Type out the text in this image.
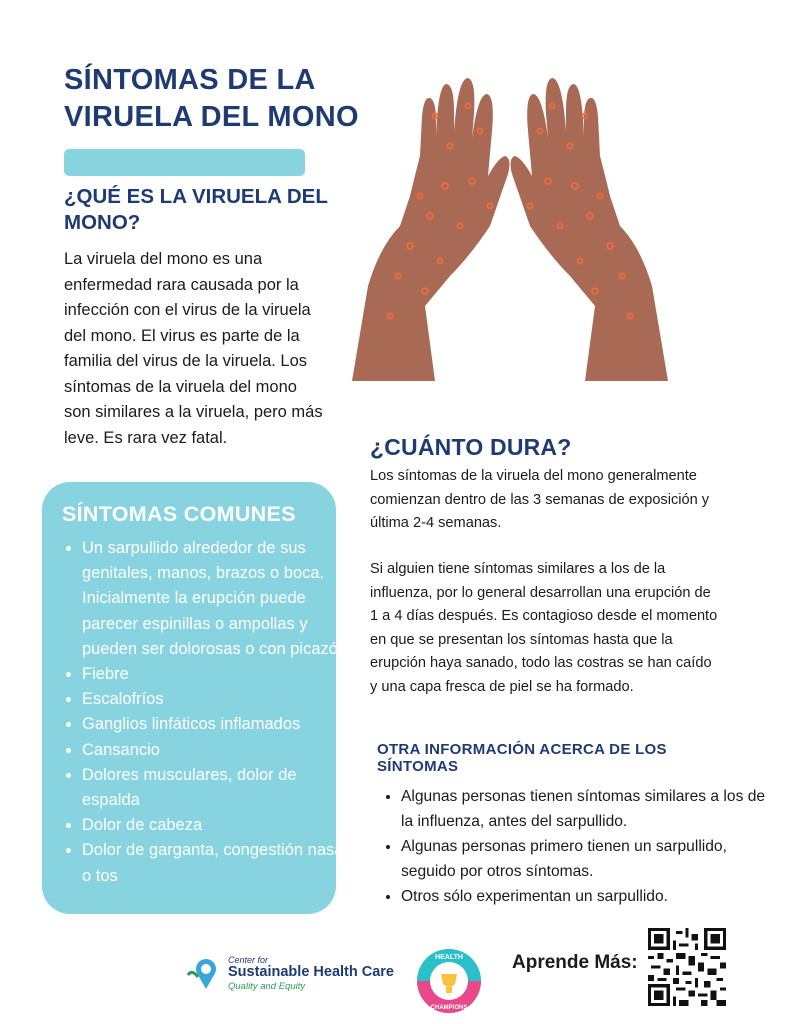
SÍNTOMAS DE LA VIRUELA DEL MONO
¿QUÉ ES LA VIRUELA DEL MONO?
La viruela del mono es una enfermedad rara causada por la infección con el virus de la viruela del mono. El virus es parte de la familia del virus de la viruela. Los síntomas de la viruela del mono son similares a la viruela, pero más leve. Es rara vez fatal.
SÍNTOMAS COMUNES
• Un sarpullido alrededor de sus genitales, manos, brazos o boca. Inicialmente la erupción puede parecer espinillas o ampollas y pueden ser dolorosas o con picazón.
• Fiebre
• Escalofríos
• Ganglios linfáticos inflamados
• Cansancio
• Dolores musculares, dolor de espalda
• Dolor de cabeza
• Dolor de garganta, congestión nasal, o tos
¿CUÁNTO DURA?
Los síntomas de la viruela del mono generalmente comienzan dentro de las 3 semanas de exposición y última 2-4 semanas.
Si alguien tiene síntomas similares a los de la influenza, por lo general desarrollan una erupción de 1 a 4 días después. Es contagioso desde el momento en que se presentan los síntomas hasta que la erupción haya sanado, todo las costras se han caído y una capa fresca de piel se ha formado.
OTRA INFORMACIÓN ACERCA DE LOS SÍNTOMAS
• Algunas personas tienen síntomas similares a los de la influenza, antes del sarpullido.
• Algunas personas primero tienen un sarpullido, seguido por otros síntomas.
• Otros sólo experimentan un sarpullido.
Center for
Sustainable Health Care
Quality and Equity
HEALTH
CHAMPIONS
Aprende Más:
